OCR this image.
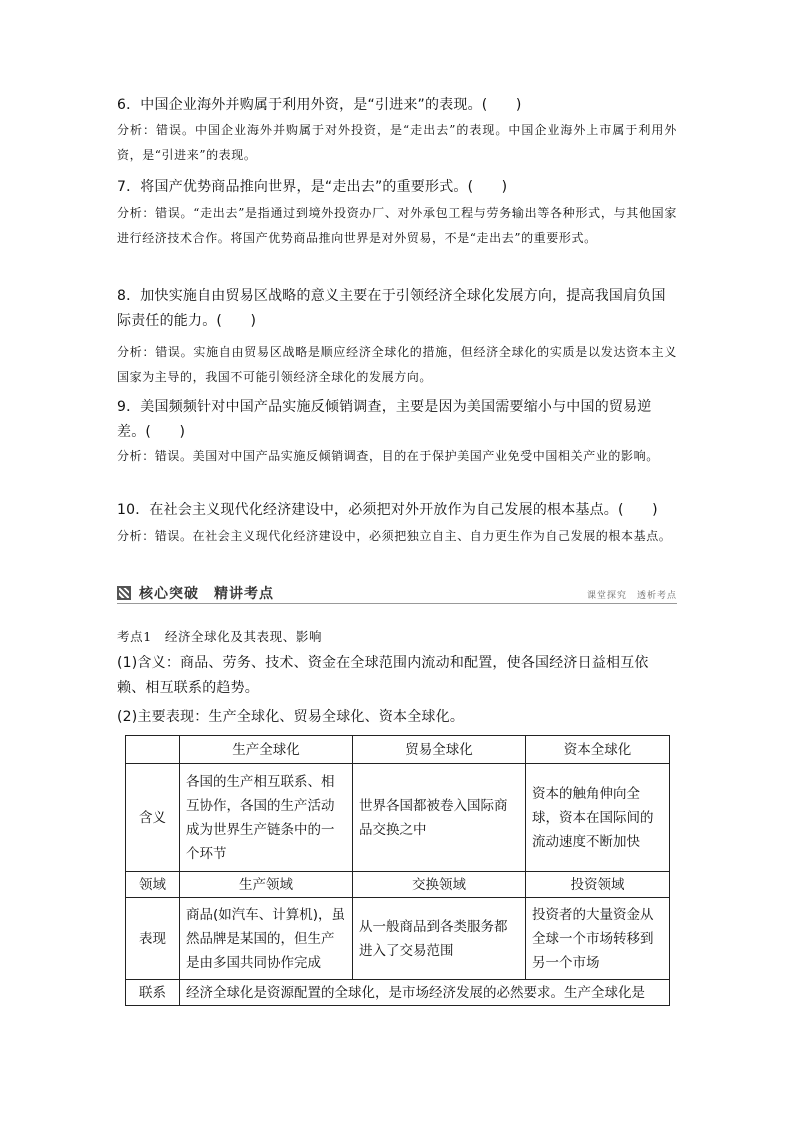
6．中国企业海外并购属于利用外资，是“引进来”的表现。(　　)
分析：错误。中国企业海外并购属于对外投资，是“走出去”的表现。中国企业海外上市属于利用外资，是“引进来”的表现。
7．将国产优势商品推向世界，是“走出去”的重要形式。(　　)
分析：错误。“走出去”是指通过到境外投资办厂、对外承包工程与劳务输出等各种形式，与其他国家进行经济技术合作。将国产优势商品推向世界是对外贸易，不是“走出去”的重要形式。
8．加快实施自由贸易区战略的意义主要在于引领经济全球化发展方向，提高我国肩负国际责任的能力。(　　)
分析：错误。实施自由贸易区战略是顺应经济全球化的措施，但经济全球化的实质是以发达资本主义国家为主导的，我国不可能引领经济全球化的发展方向。
9．美国频频针对中国产品实施反倾销调查，主要是因为美国需要缩小与中国的贸易逆差。(　　)
分析：错误。美国对中国产品实施反倾销调查，目的在于保护美国产业免受中国相关产业的影响。
10．在社会主义现代化经济建设中，必须把对外开放作为自己发展的根本基点。(　　)
分析：错误。在社会主义现代化经济建设中，必须把独立自主、自力更生作为自己发展的根本基点。
核心突破　精讲考点	课堂探究　透析考点
考点1　经济全球化及其表现、影响
(1)含义：商品、劳务、技术、资金在全球范围内流动和配置，使各国经济日益相互依赖、相互联系的趋势。
(2)主要表现：生产全球化、贸易全球化、资本全球化。
	生产全球化	贸易全球化	资本全球化
含义	各国的生产相互联系、相互协作，各国的生产活动成为世界生产链条中的一个环节	世界各国都被卷入国际商品交换之中	资本的触角伸向全球，资本在国际间的流动速度不断加快
领域	生产领域	交换领域	投资领域
表现	商品(如汽车、计算机)，虽然品牌是某国的，但生产是由多国共同协作完成	从一般商品到各类服务都进入了交易范围	投资者的大量资金从全球一个市场转移到另一个市场
联系	经济全球化是资源配置的全球化，是市场经济发展的必然要求。生产全球化是		
